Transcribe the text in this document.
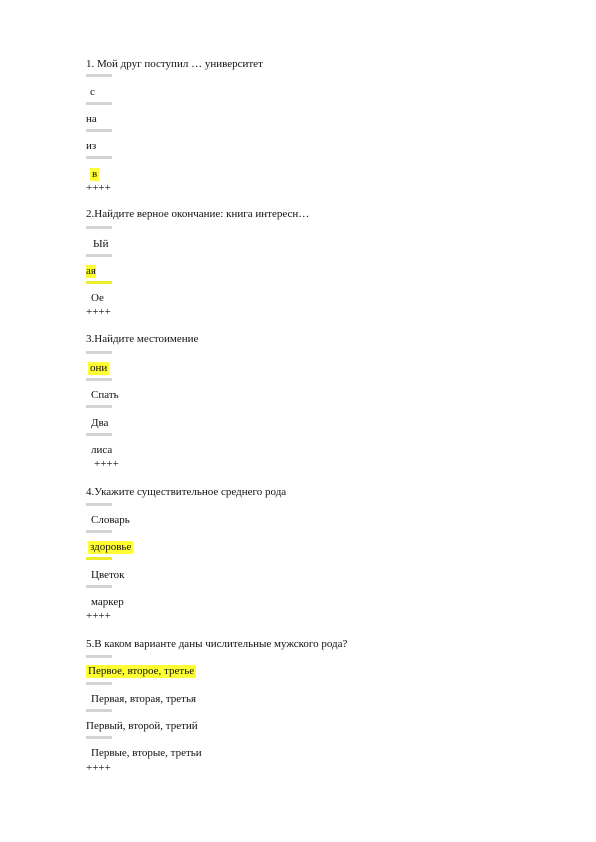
1. Мой друг поступил … университет
с
на
из
в
++++
2.Найдите верное окончание: книга интересн…
Ый
ая
Ое
++++
3.Найдите местоимение
они
Спать
Два
лиса
++++
4.Укажите существительное среднего рода
Словарь
здоровье
Цветок
маркер
++++
5.В каком варианте даны числительные мужского рода?
Первое, второе, третье
Первая, вторая, третья
Первый, второй, третий
Первые, вторые, третьи
++++
